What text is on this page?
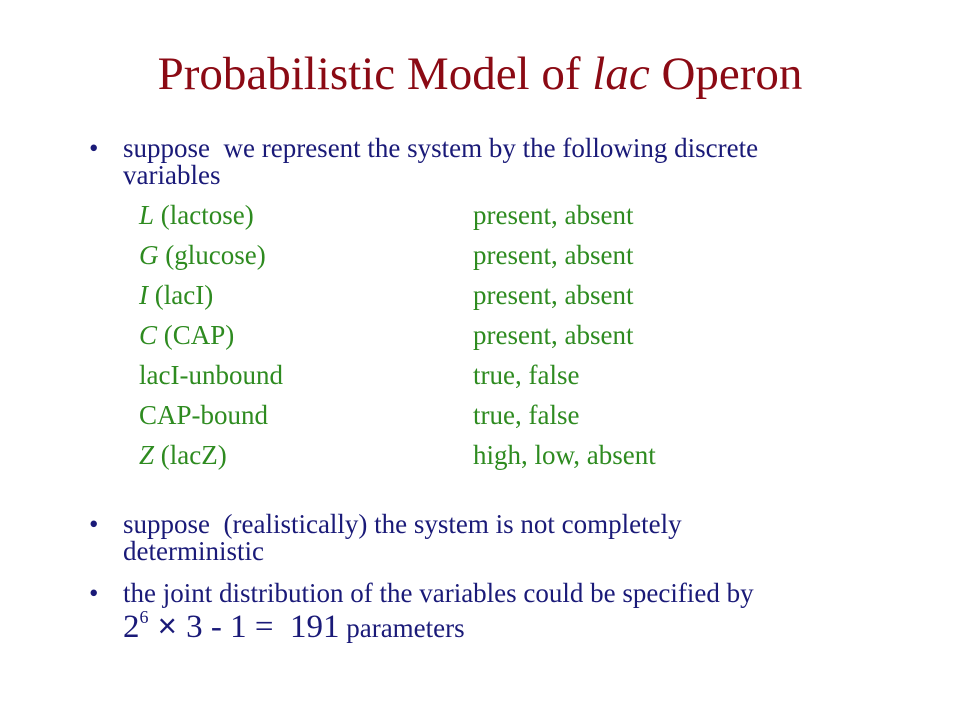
Probabilistic Model of lac Operon
• suppose  we represent the system by the following discrete
variables
L (lactose)	present, absent
G (glucose)	present, absent
I (lacI)	present, absent
C (CAP)	present, absent
lacI-unbound	true, false
CAP-bound	true, false
Z (lacZ)	high, low, absent
• suppose  (realistically) the system is not completely
deterministic
• the joint distribution of the variables could be specified by
$2^6 \times 3 - 1 = 191$ parameters
